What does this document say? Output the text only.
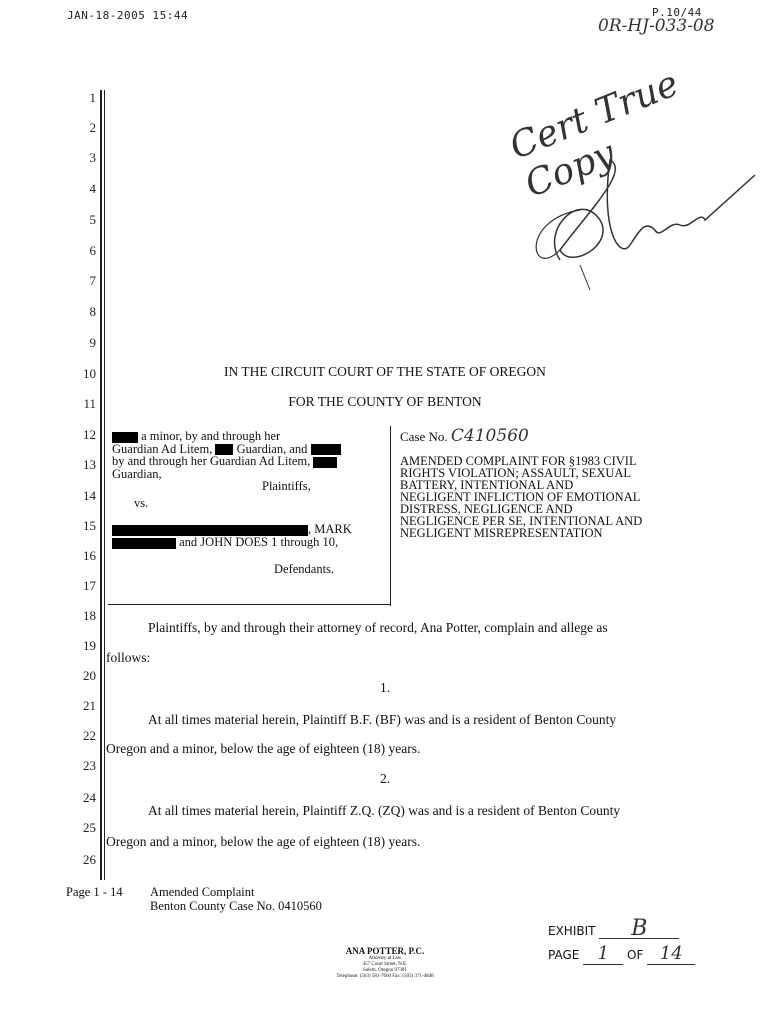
JAN-18-2005 15:44	P.10/44
0R-HJ-033-08
Cert True Copy
1
2
3
4
5
6
7
8
9
10
11
12
13
14
15
16
17
18
19
20
21
22
23
24
25
26
IN THE CIRCUIT COURT OF THE STATE OF OREGON
FOR THE COUNTY OF BENTON
a minor, by and through her
Guardian Ad Litem, Guardian, and
by and through her Guardian Ad Litem,
Guardian,
Plaintiffs,
vs.
, MARK
and JOHN DOES 1 through 10,
Defendants.
Case No. C410560
AMENDED COMPLAINT FOR §1983 CIVIL
RIGHTS VIOLATION; ASSAULT, SEXUAL
BATTERY, INTENTIONAL AND
NEGLIGENT INFLICTION OF EMOTIONAL
DISTRESS, NEGLIGENCE AND
NEGLIGENCE PER SE, INTENTIONAL AND
NEGLIGENT MISREPRESENTATION
Plaintiffs, by and through their attorney of record, Ana Potter, complain and allege as
follows:
1.
At all times material herein, Plaintiff B.F. (BF) was and is a resident of Benton County
Oregon and a minor, below the age of eighteen (18) years.
2.
At all times material herein, Plaintiff Z.Q. (ZQ) was and is a resident of Benton County
Oregon and a minor, below the age of eighteen (18) years.
Page 1 - 14 Amended Complaint
Benton County Case No. 0410560
ANA POTTER, P.C.
Attorney at Law
457 Court Street, N.E.
Salem, Oregon 97301
Telephone: (503) 581-7660 Fax: (503) 371-4848
EXHIBIT B
PAGE 1 OF 14
